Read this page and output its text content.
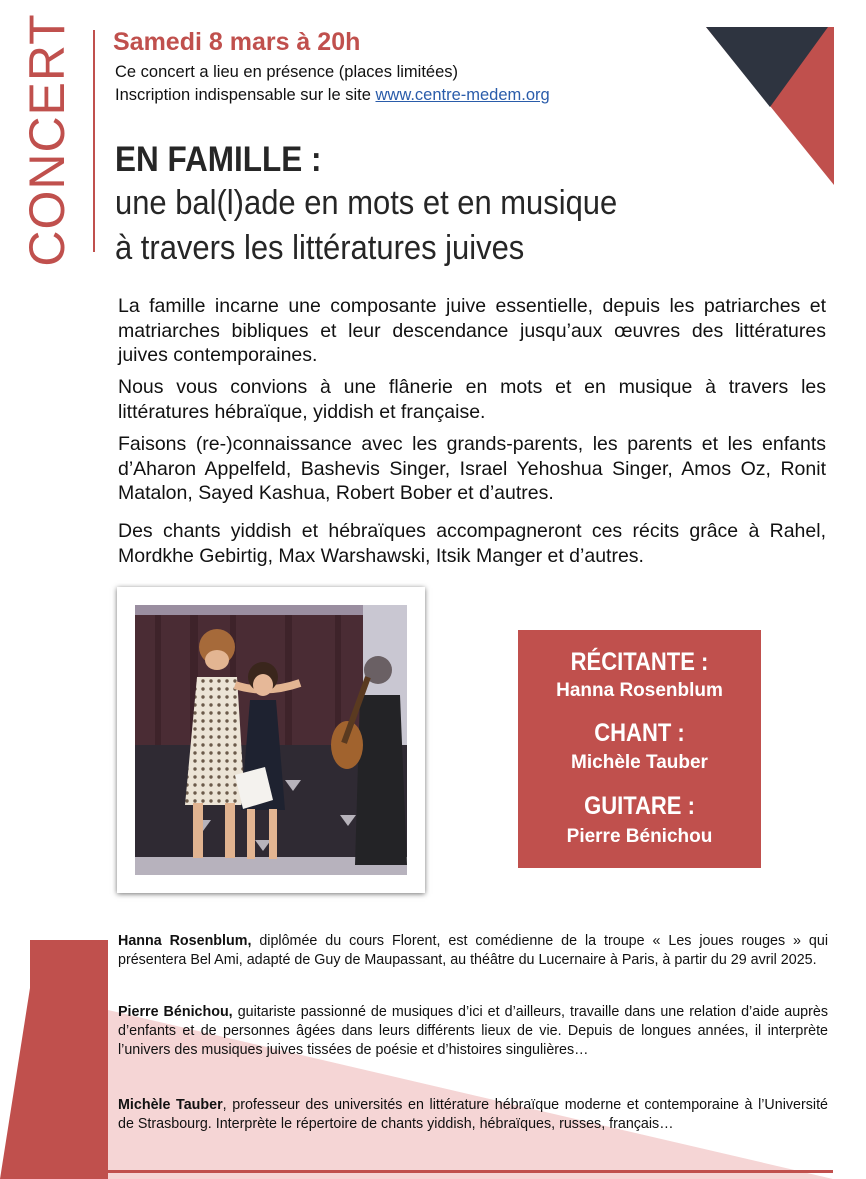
CONCERT Samedi 8 mars à 20h
Ce concert a lieu en présence (places limitées)
Inscription indispensable sur le site www.centre-medem.org
EN FAMILLE :
une bal(l)ade en mots et en musique
à travers les littératures juives
La famille incarne une composante juive essentielle, depuis les patriarches et matriarches bibliques et leur descendance jusqu’aux œuvres des littératures juives contemporaines.
Nous vous convions à une flânerie en mots et en musique à travers les littératures hébraïque, yiddish et française.
Faisons (re-)connaissance avec les grands-parents, les parents et les enfants d’Aharon Appelfeld, Bashevis Singer, Israel Yehoshua Singer, Amos Oz, Ronit Matalon, Sayed Kashua, Robert Bober et d’autres.
Des chants yiddish et hébraïques accompagneront ces récits grâce à Rahel, Mordkhe Gebirtig, Max Warshawski, Itsik Manger et d’autres.
RÉCITANTE :
Hanna Rosenblum
CHANT :
Michèle Tauber
GUITARE :
Pierre Bénichou
Hanna Rosenblum, diplômée du cours Florent, est comédienne de la troupe « Les joues rouges » qui présentera Bel Ami, adapté de Guy de Maupassant, au théâtre du Lucernaire à Paris, à partir du 29 avril 2025.
Pierre Bénichou, guitariste passionné de musiques d’ici et d’ailleurs, travaille dans une relation d’aide auprès d’enfants et de personnes âgées dans leurs différents lieux de vie. Depuis de longues années, il interprète l’univers des musiques juives tissées de poésie et d’histoires singulières…
Michèle Tauber, professeur des universités en littérature hébraïque moderne et contemporaine à l’Université de Strasbourg. Interprète le répertoire de chants yiddish, hébraïques, russes, français…
